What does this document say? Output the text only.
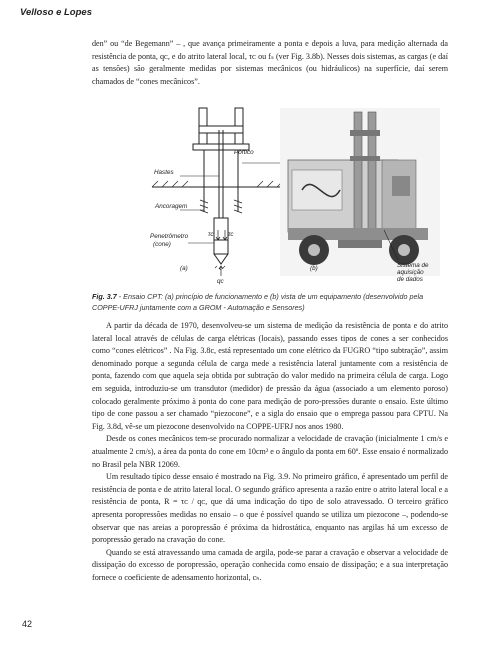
Velloso e Lopes

den” ou “de Begemann” – , que avança primeiramente a ponta e depois a luva, para medição alternada da resistência de ponta, qᴄ, e do atrito lateral local, τᴄ ou fₛ (ver Fig. 3.8b). Nesses dois sistemas, as cargas (e daí as tensões) são geralmente medidas por sistemas mecânicos (ou hidráulicos) na superfície, daí serem chamados de “cones mecânicos”.

Pórtico
Hastes
Ancoragem
Penetrômetro
(cone)
τc τc
qc
(a)	Sistema de
aquisição
de dados
(b)
Fig. 3.7 - Ensaio CPT: (a) princípio de funcionamento e (b) vista de um equipamento (desenvolvido pela COPPE-UFRJ juntamente com a GROM - Automação e Sensores)

A partir da década de 1970, desenvolveu-se um sistema de medição da resistência de ponta e do atrito lateral local através de células de carga elétricas (locais), passando esses tipos de cones a ser conhecidos como “cones elétricos” . Na Fig. 3.8c, está representado um cone elétrico da FUGRO “tipo subtração”, assim denominado porque a segunda célula de carga mede a resistência lateral juntamente com a resistência de ponta, fazendo com que aquela seja obtida por subtração do valor medido na primeira célula de carga. Logo em seguida, introduziu-se um transdutor (medidor) de pressão da água (associado a um elemento poroso) colocado geralmente próximo à ponta do cone para medição de poro-pressões durante o ensaio. Este último tipo de cone passou a ser chamado “piezocone”, e a sigla do ensaio que o emprega passou para CPTU. Na Fig. 3.8d, vê-se um piezocone desenvolvido na COPPE-UFRJ nos anos 1980.

Desde os cones mecânicos tem-se procurado normalizar a velocidade de cravação (inicialmente 1 cm/s e atualmente 2 cm/s), a área da ponta do cone em 10cm² e o ângulo da ponta em 60º. Esse ensaio é normalizado no Brasil pela NBR 12069.

Um resultado típico desse ensaio é mostrado na Fig. 3.9. No primeiro gráfico, é apresentado um perfil de resistência de ponta e de atrito lateral local. O segundo gráfico apresenta a razão entre o atrito lateral local e a resistência de ponta, R = τᴄ / qᴄ, que dá uma indicação do tipo de solo atravessado. O terceiro gráfico apresenta poropressões medidas no ensaio – o que é possível quando se utiliza um piezocone –, podendo-se observar que nas areias a poropressão é próxima da hidrostática, enquanto nas argilas há um excesso de poropressão gerado na cravação do cone.

Quando se está atravessando uma camada de argila, pode-se parar a cravação e observar a velocidade de dissipação do excesso de poropressão, operação conhecida como ensaio de dissipação; e a sua interpretação fornece o coeficiente de adensamento horizontal, cₕ.

42
